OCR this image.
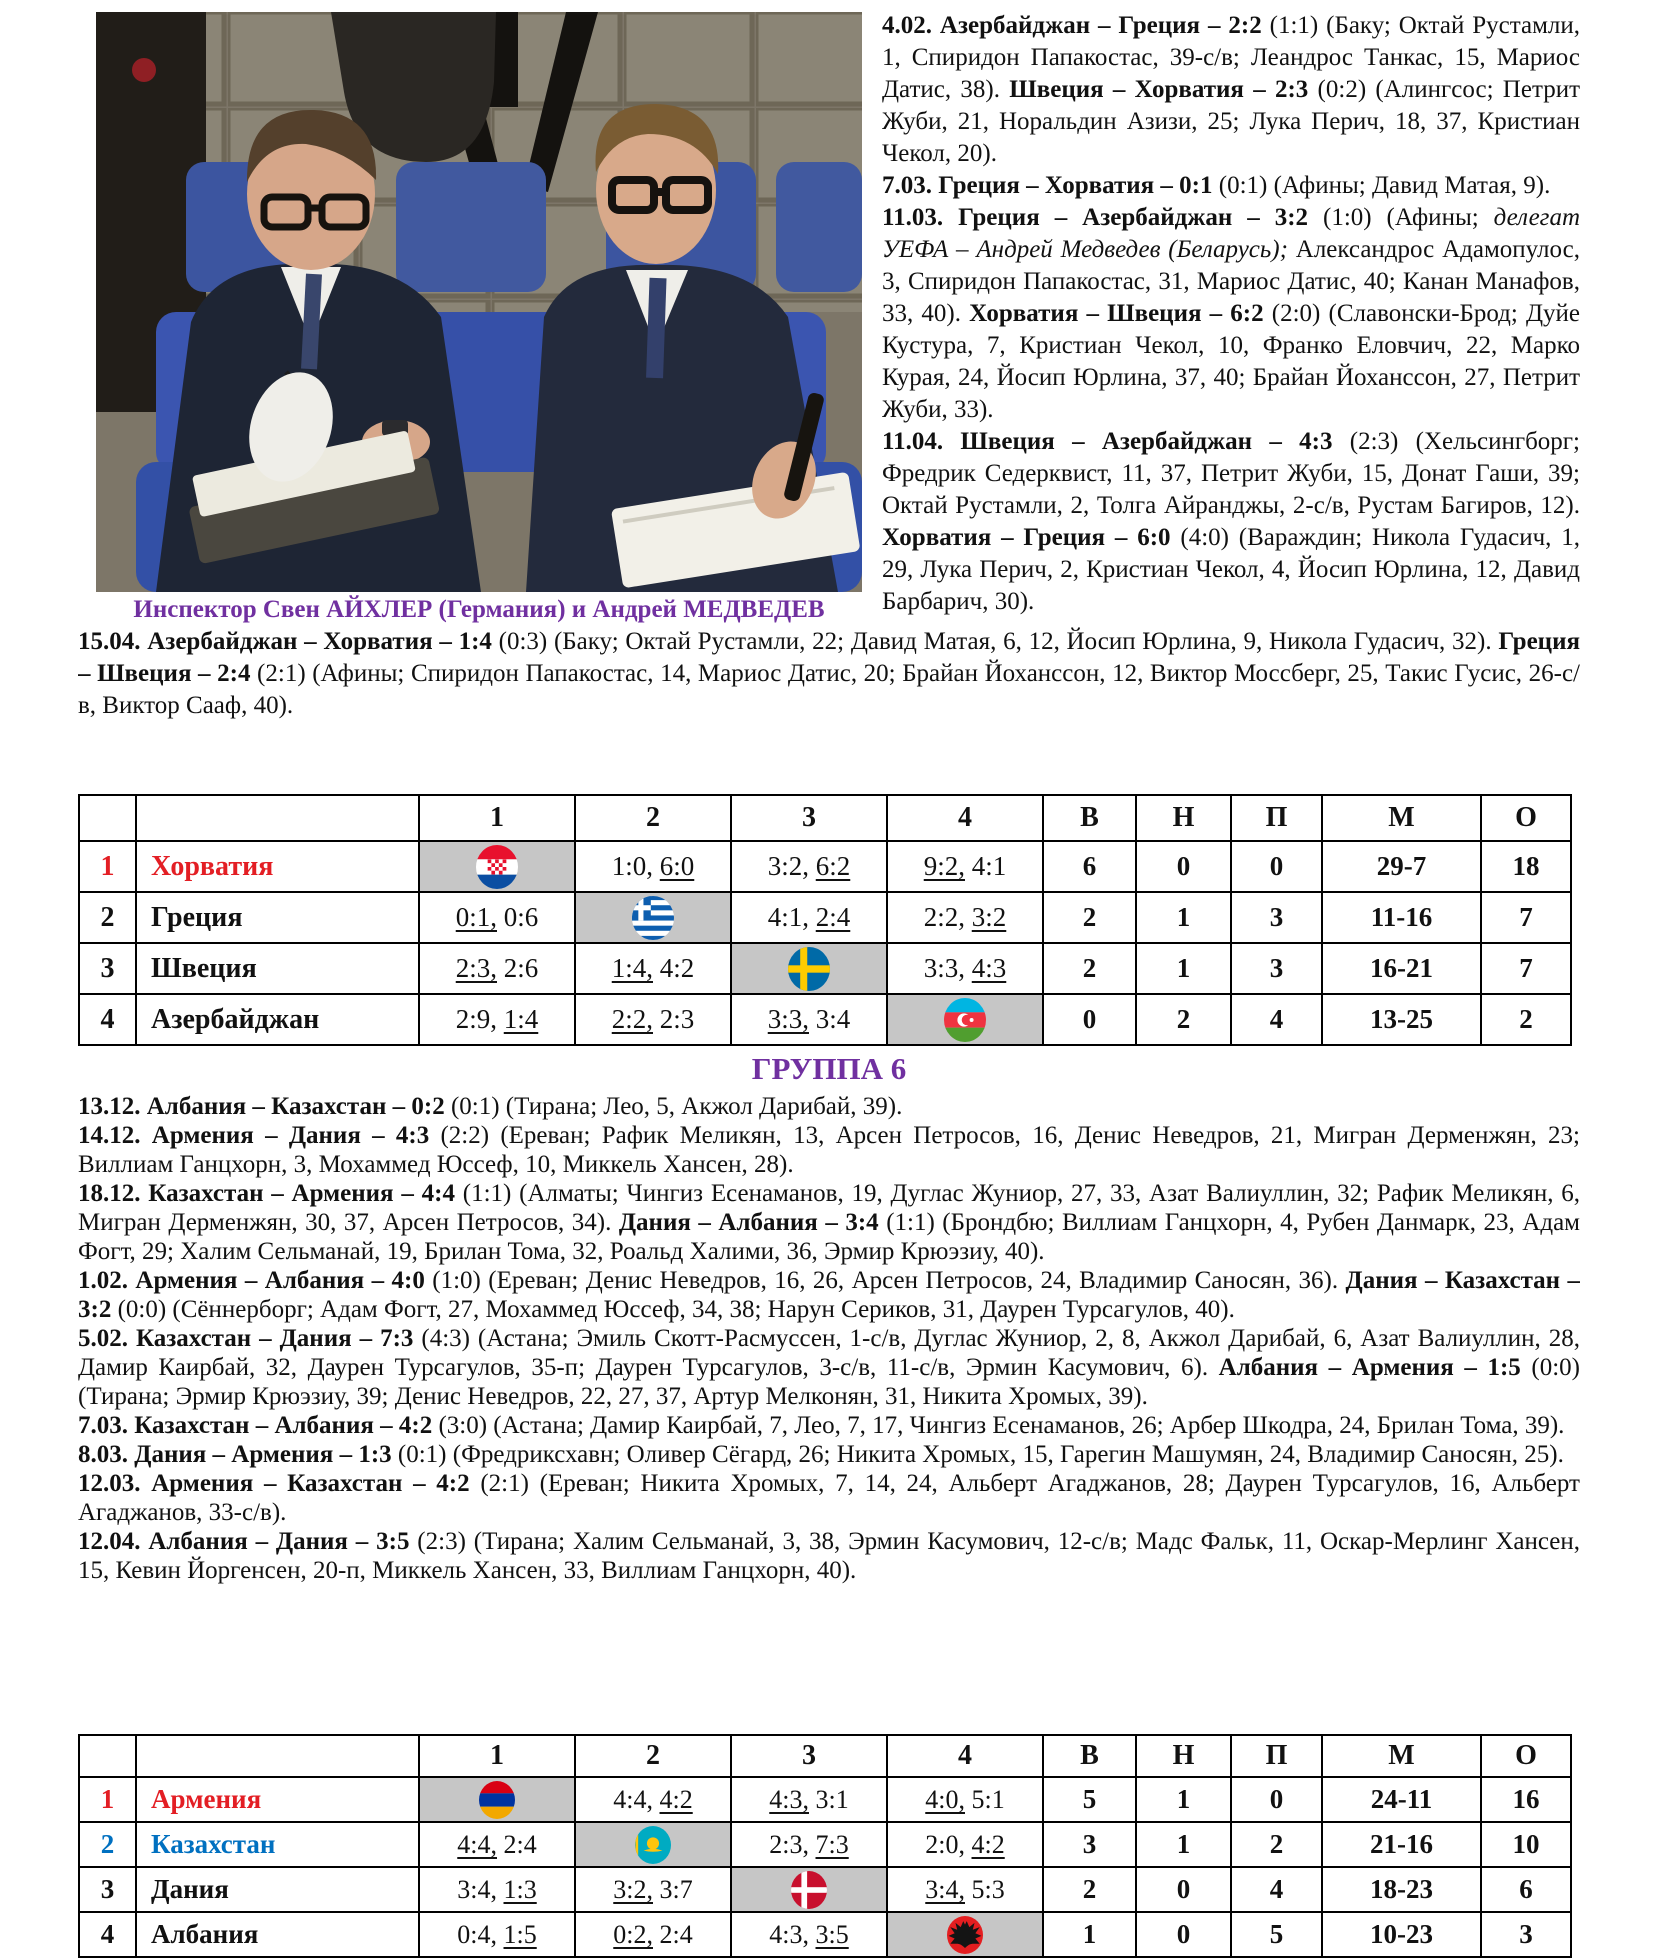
Инспектор Свен АЙХЛЕР (Германия) и Андрей МЕДВЕДЕВ

4.02. Азербайджан – Греция – 2:2 (1:1) (Баку; Октай Рустамли, 1, Спиридон Папакостас, 39-с/в; Леандрос Танкас, 15, Мариос Датис, 38). Швеция – Хорватия – 2:3 (0:2) (Алингсос; Петрит Жуби, 21, Норальдин Азизи, 25; Лука Перич, 18, 37, Кристиан Чекол, 20).

7.03. Греция – Хорватия – 0:1 (0:1) (Афины; Давид Матая, 9).

11.03. Греция – Азербайджан – 3:2 (1:0) (Афины; делегат УЕФА – Андрей Медведев (Беларусь); Александрос Адамопулос, 3, Спиридон Папакостас, 31, Мариос Датис, 40; Канан Манафов, 33, 40). Хорватия – Швеция – 6:2 (2:0) (Славонски-Брод; Дуйе Кустура, 7, Кристиан Чекол, 10, Франко Еловчич, 22, Марко Курая, 24, Йосип Юрлина, 37, 40; Брайан Йоханссон, 27, Петрит Жуби, 33).

11.04. Швеция – Азербайджан – 4:3 (2:3) (Хельсингборг; Фредрик Седерквист, 11, 37, Петрит Жуби, 15, Донат Гаши, 39; Октай Рустамли, 2, Толга Айранджы, 2-с/в, Рустам Багиров, 12). Хорватия – Греция – 6:0 (4:0) (Вараждин; Никола Гудасич, 1, 29, Лука Перич, 2, Кристиан Чекол, 4, Йосип Юрлина, 12, Давид Барбарич, 30).

15.04. Азербайджан – Хорватия – 1:4 (0:3) (Баку; Октай Рустамли, 22; Давид Матая, 6, 12, Йосип Юрлина, 9, Никола Гудасич, 32). Греция – Швеция – 2:4 (2:1) (Афины; Спиридон Папакостас, 14, Мариос Датис, 20; Брайан Йоханссон, 12, Виктор Моссберг, 25, Такис Гусис, 26-с/в, Виктор Сааф, 40).

		1	2	3	4	В	Н	П	М	О
1	Хорватия		1:0, 6:0	3:2, 6:2	9:2, 4:1	6	0	0	29-7	18
2	Греция	0:1, 0:6		4:1, 2:4	2:2, 3:2	2	1	3	11-16	7
3	Швеция	2:3, 2:6	1:4, 4:2		3:3, 4:3	2	1	3	16-21	7
4	Азербайджан	2:9, 1:4	2:2, 2:3	3:3, 3:4		0	2	4	13-25	2
ГРУППА 6

13.12. Албания – Казахстан – 0:2 (0:1) (Тирана; Лео, 5, Акжол Дарибай, 39).

14.12. Армения – Дания – 4:3 (2:2) (Ереван; Рафик Меликян, 13, Арсен Петросов, 16, Денис Неведров, 21, Мигран Дерменжян, 23; Виллиам Ганцхорн, 3, Мохаммед Юссеф, 10, Миккель Хансен, 28).

18.12. Казахстан – Армения – 4:4 (1:1) (Алматы; Чингиз Есенаманов, 19, Дуглас Жуниор, 27, 33, Азат Валиуллин, 32; Рафик Меликян, 6, Мигран Дерменжян, 30, 37, Арсен Петросов, 34). Дания – Албания – 3:4 (1:1) (Брондбю; Виллиам Ганцхорн, 4, Рубен Данмарк, 23, Адам Фогт, 29; Халим Сельманай, 19, Брилан Тома, 32, Роальд Халими, 36, Эрмир Крюэзиу, 40).

1.02. Армения – Албания – 4:0 (1:0) (Ереван; Денис Неведров, 16, 26, Арсен Петросов, 24, Владимир Саносян, 36). Дания – Казахстан – 3:2 (0:0) (Сённерборг; Адам Фогт, 27, Мохаммед Юссеф, 34, 38; Нарун Сериков, 31, Даурен Турсагулов, 40).

5.02. Казахстан – Дания – 7:3 (4:3) (Астана; Эмиль Скотт-Расмуссен, 1-с/в, Дуглас Жуниор, 2, 8, Акжол Дарибай, 6, Азат Валиуллин, 28, Дамир Каирбай, 32, Даурен Турсагулов, 35-п; Даурен Турсагулов, 3-с/в, 11-с/в, Эрмин Касумович, 6). Албания – Армения – 1:5 (0:0) (Тирана; Эрмир Крюэзиу, 39; Денис Неведров, 22, 27, 37, Артур Мелконян, 31, Никита Хромых, 39).

7.03. Казахстан – Албания – 4:2 (3:0) (Астана; Дамир Каирбай, 7, Лео, 7, 17, Чингиз Есенаманов, 26; Арбер Шкодра, 24, Брилан Тома, 39).

8.03. Дания – Армения – 1:3 (0:1) (Фредриксхавн; Оливер Сёгард, 26; Никита Хромых, 15, Гарегин Машумян, 24, Владимир Саносян, 25).

12.03. Армения – Казахстан – 4:2 (2:1) (Ереван; Никита Хромых, 7, 14, 24, Альберт Агаджанов, 28; Даурен Турсагулов, 16, Альберт Агаджанов, 33-с/в).

12.04. Албания – Дания – 3:5 (2:3) (Тирана; Халим Сельманай, 3, 38, Эрмин Касумович, 12-с/в; Мадс Фальк, 11, Оскар-Мерлинг Хансен, 15, Кевин Йоргенсен, 20-п, Миккель Хансен, 33, Виллиам Ганцхорн, 40).

		1	2	3	4	В	Н	П	М	О
1	Армения		4:4, 4:2	4:3, 3:1	4:0, 5:1	5	1	0	24-11	16
2	Казахстан	4:4, 2:4		2:3, 7:3	2:0, 4:2	3	1	2	21-16	10
3	Дания	3:4, 1:3	3:2, 3:7		3:4, 5:3	2	0	4	18-23	6
4	Албания	0:4, 1:5	0:2, 2:4	4:3, 3:5		1	0	5	10-23	3
